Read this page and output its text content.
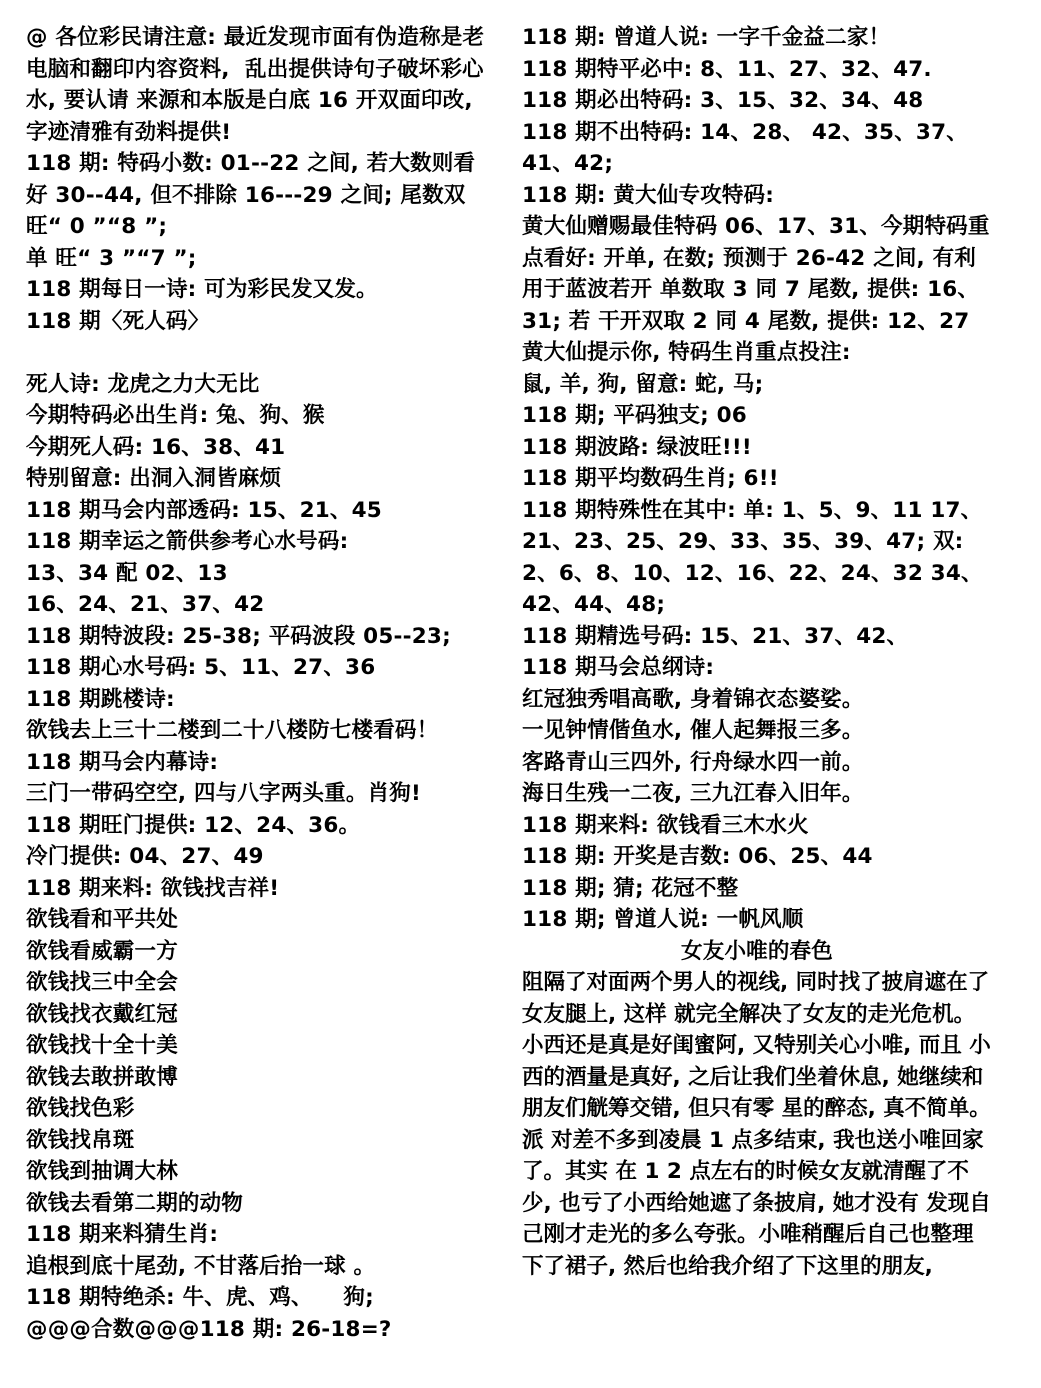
@ 各位彩民请注意: 最近发现市面有伪造称是老电脑和翻印内容资料,  乱出提供诗句子破坏彩心水, 要认请 来源和本版是白底 16 开双面印改, 字迹清雅有劲料提供!
118 期: 特码小数: 01--22 之间, 若大数则看好 30--44, 但不排除 16---29 之间; 尾数双旺“ 0 ”“8 ”;
单 旺“ 3 ”“7 ”;
118 期每日一诗: 可为彩民发又发。
118 期〈死人码〉
死人诗: 龙虎之力大无比
今期特码必出生肖: 兔、狗、猴
今期死人码: 16、38、41
特别留意: 出洞入洞皆麻烦
118 期马会内部透码: 15、21、45
118 期幸运之箭供参考心水号码:
13、34 配 02、13
16、24、21、37、42
118 期特波段: 25-38; 平码波段 05--23;
118 期心水号码: 5、11、27、36
118 期跳楼诗:
欲钱去上三十二楼到二十八楼防七楼看码！
118 期马会内幕诗:
三门一带码空空, 四与八字两头重。肖狗!
118 期旺门提供: 12、24、36。
冷门提供: 04、27、49
118 期来料: 欲钱找吉祥!
欲钱看和平共处
欲钱看威霸一方
欲钱找三中全会
欲钱找衣戴红冠
欲钱找十全十美
欲钱去敢拼敢博
欲钱找色彩
欲钱找帛斑
欲钱到抽调大林
欲钱去看第二期的动物
118 期来料猜生肖:
追根到底十尾劲, 不甘落后抬一球 。
118 期特绝杀: 牛、虎、鸡、    狗;
@@@合数@@@118 期: 26-18=?
118 期: 曾道人说: 一字千金益二家！
118 期特平必中: 8、11、27、32、47.
118 期必出特码: 3、15、32、34、48
118 期不出特码: 14、28、 42、35、37、41、42;
118 期: 黄大仙专攻特码:
黄大仙赠赐最佳特码 06、17、31、今期特码重点看好: 开单, 在数; 预测于 26-42 之间, 有利用于蓝波若开 单数取 3 同 7 尾数, 提供: 16、31; 若 干开双取 2 同 4 尾数, 提供: 12、27
黄大仙提示你, 特码生肖重点投注:
鼠, 羊, 狗, 留意: 蛇, 马;
118 期; 平码独支; 06
118 期波路: 绿波旺!!!
118 期平均数码生肖; 6!!
118 期特殊性在其中: 单: 1、5、9、11 17、21、23、25、29、33、35、39、47; 双: 2、6、8、10、12、16、22、24、32 34、42、44、48;
118 期精选号码: 15、21、37、42、
118 期马会总纲诗:
红冠独秀唱高歌, 身着锦衣态婆娑。
一见钟情偕鱼水, 催人起舞报三多。
客路青山三四外, 行舟绿水四一前。
海日生残一二夜, 三九江春入旧年。
118 期来料: 欲钱看三木水火
118 期: 开奖是吉数: 06、25、44
118 期; 猜; 花冠不整
118 期; 曾道人说: 一帆风顺
女友小唯的春色
阻隔了对面两个男人的视线, 同时找了披肩遮在了女友腿上, 这样 就完全解决了女友的走光危机。小西还是真是好闺蜜阿, 又特别关心小唯, 而且 小西的酒量是真好, 之后让我们坐着休息, 她继续和朋友们觥筹交错, 但只有零 星的醉态, 真不简单。派 对差不多到凌晨 1 点多结束, 我也送小唯回家了。其实 在 1 2 点左右的时候女友就清醒了不少, 也亏了小西给她遮了条披肩, 她才没有 发现自己刚才走光的多么夸张。小唯稍醒后自己也整理下了裙子, 然后也给我介绍了下这里的朋友,
